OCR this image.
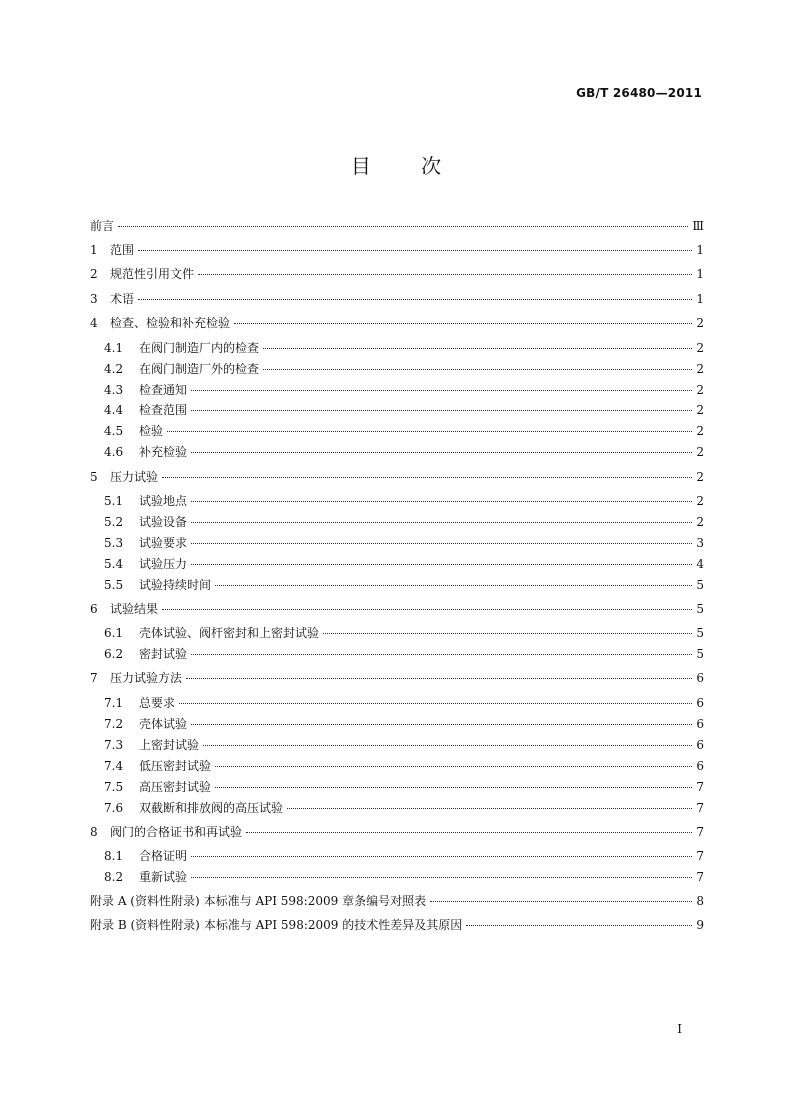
GB/T 26480—2011
目 次
前言	Ⅲ
1	范围	1
2	规范性引用文件	1
3	术语	1
4	检查、检验和补充检验	2
4.1	在阀门制造厂内的检查	2
4.2	在阀门制造厂外的检查	2
4.3	检查通知	2
4.4	检查范围	2
4.5	检验	2
4.6	补充检验	2
5	压力试验	2
5.1	试验地点	2
5.2	试验设备	2
5.3	试验要求	3
5.4	试验压力	4
5.5	试验持续时间	5
6	试验结果	5
6.1	壳体试验、阀杆密封和上密封试验	5
6.2	密封试验	5
7	压力试验方法	6
7.1	总要求	6
7.2	壳体试验	6
7.3	上密封试验	6
7.4	低压密封试验	6
7.5	高压密封试验	7
7.6	双截断和排放阀的高压试验	7
8	阀门的合格证书和再试验	7
8.1	合格证明	7
8.2	重新试验	7
附录 A (资料性附录) 本标准与 API 598:2009 章条编号对照表	8
附录 B (资料性附录) 本标准与 API 598:2009 的技术性差异及其原因	9
I
